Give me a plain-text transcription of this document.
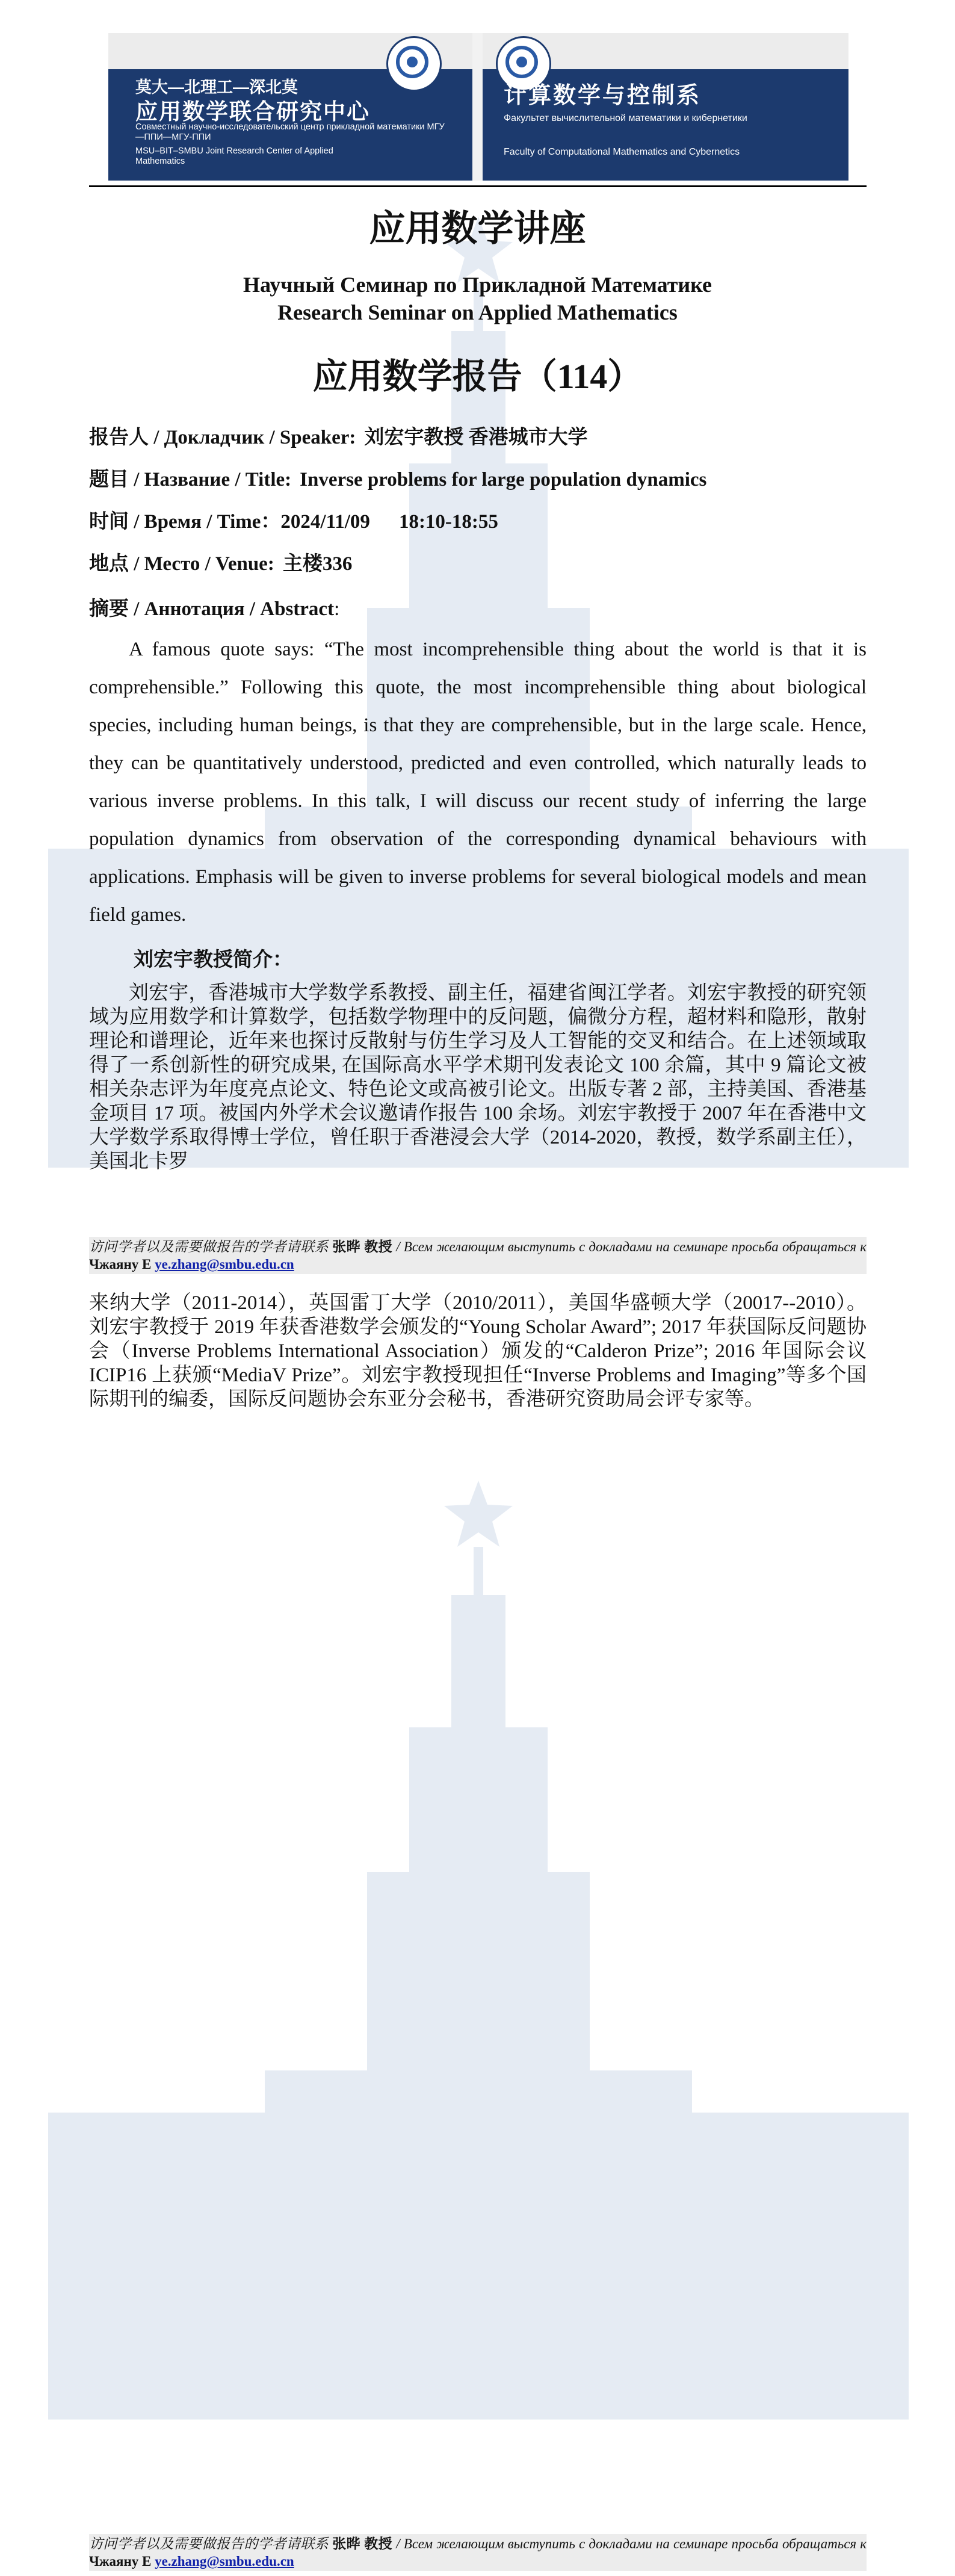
莫大—北理工—深北莫
应用数学联合研究中心
Совместный научно-исследовательский центр прикладной математики МГУ—ППИ—МГУ-ППИ
MSU–BIT–SMBU Joint Research Center of Applied Mathematics
计算数学与控制系
Факультет вычислительной математики и кибернетики
Faculty of Computational Mathematics and Cybernetics
应用数学讲座
Научный Семинар по Прикладной Математике
Research Seminar on Applied Mathematics
应用数学报告（114）
报告人 / Докладчик / Speaker: 刘宏宇教授 香港城市大学
题目 / Название / Title: Inverse problems for large population dynamics
时间 / Время / Time：2024/11/09 18:10-18:55
地点 / Место / Venue: 主楼336
摘要 / Аннотация / Abstract:
A famous quote says: “The most incomprehensible thing about the world is that it is comprehensible.” Following this quote, the most incomprehensible thing about biological species, including human beings, is that they are comprehensible, but in the large scale. Hence, they can be quantitatively understood, predicted and even controlled, which naturally leads to various inverse problems. In this talk, I will discuss our recent study of inferring the large population dynamics from observation of the corresponding dynamical behaviours with applications. Emphasis will be given to inverse problems for several biological models and mean field games.
刘宏宇教授简介：
刘宏宇，香港城市大学数学系教授、副主任，福建省闽江学者。刘宏宇教授的研究领域为应用数学和计算数学，包括数学物理中的反问题，偏微分方程，超材料和隐形，散射理论和谱理论，近年来也探讨反散射与仿生学习及人工智能的交叉和结合。在上述领域取得了一系创新性的研究成果, 在国际高水平学术期刊发表论文 100 余篇，其中 9 篇论文被相关杂志评为年度亮点论文、特色论文或高被引论文。出版专著 2 部，主持美国、香港基金项目 17 项。被国内外学术会议邀请作报告 100 余场。刘宏宇教授于 2007 年在香港中文大学数学系取得博士学位，曾任职于香港浸会大学（2014-2020，教授，数学系副主任），美国北卡罗
访问学者以及需要做报告的学者请联系 张晔 教授 / Всем желающим выступить с докладами на семинаре просьба обращаться к Чжаяну Е ye.zhang@smbu.edu.cn
来纳大学（2011-2014），英国雷丁大学（2010/2011），美国华盛顿大学（20017--2010）。刘宏宇教授于 2019 年获香港数学会颁发的“Young Scholar Award”; 2017 年获国际反问题协会（Inverse Problems International Association）颁发的“Calderon Prize”; 2016 年国际会议 ICIP16 上获颁“MediaV Prize”。刘宏宇教授现担任“Inverse Problems and Imaging”等多个国际期刊的编委，国际反问题协会东亚分会秘书，香港研究资助局会评专家等。
访问学者以及需要做报告的学者请联系 张晔 教授 / Всем желающим выступить с докладами на семинаре просьба обращаться к Чжаяну Е ye.zhang@smbu.edu.cn
